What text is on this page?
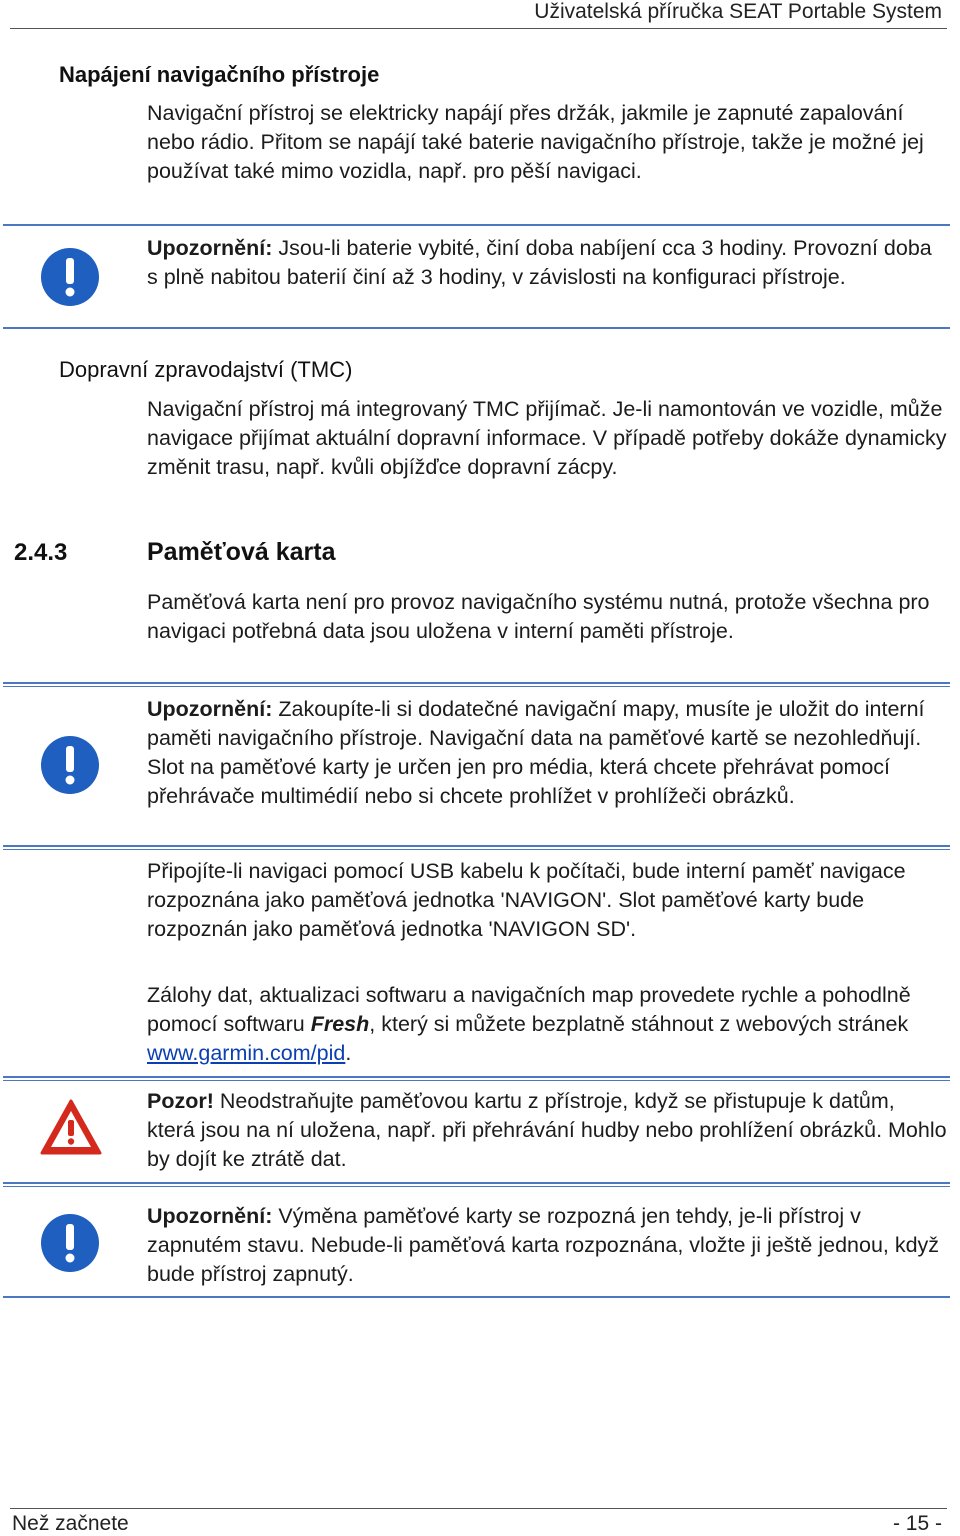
Uživatelská příručka SEAT Portable System
Napájení navigačního přístroje
Navigační přístroj se elektricky napájí přes držák, jakmile je zapnuté zapalování nebo rádio. Přitom se napájí také baterie navigačního přístroje, takže je možné jej používat také mimo vozidla, např. pro pěší navigaci.
Upozornění: Jsou-li baterie vybité, činí doba nabíjení cca 3 hodiny. Provozní doba s plně nabitou baterií činí až 3 hodiny, v závislosti na konfiguraci přístroje.
Dopravní zpravodajství (TMC)
Navigační přístroj má integrovaný TMC přijímač. Je-li namontován ve vozidle, může navigace přijímat aktuální dopravní informace. V případě potřeby dokáže dynamicky změnit trasu, např. kvůli objížďce dopravní zácpy.
2.4.3	Paměťová karta
Paměťová karta není pro provoz navigačního systému nutná, protože všechna pro navigaci potřebná data jsou uložena v interní paměti přístroje.
Upozornění: Zakoupíte-li si dodatečné navigační mapy, musíte je uložit do interní paměti navigačního přístroje. Navigační data na paměťové kartě se nezohledňují. Slot na paměťové karty je určen jen pro média, která chcete přehrávat pomocí přehrávače multimédií nebo si chcete prohlížet v prohlížeči obrázků.
Připojíte-li navigaci pomocí USB kabelu k počítači, bude interní paměť navigace rozpoznána jako paměťová jednotka 'NAVIGON'. Slot paměťové karty bude rozpoznán jako paměťová jednotka 'NAVIGON SD'.
Zálohy dat, aktualizaci softwaru a navigačních map provedete rychle a pohodlně pomocí softwaru Fresh, který si můžete bezplatně stáhnout z webových stránek www.garmin.com/pid.
Pozor! Neodstraňujte paměťovou kartu z přístroje, když se přistupuje k datům, která jsou na ní uložena, např. při přehrávání hudby nebo prohlížení obrázků. Mohlo by dojít ke ztrátě dat.
Upozornění: Výměna paměťové karty se rozpozná jen tehdy, je-li přístroj v zapnutém stavu. Nebude-li paměťová karta rozpoznána, vložte ji ještě jednou, když bude přístroj zapnutý.
Než začnete	- 15 -
